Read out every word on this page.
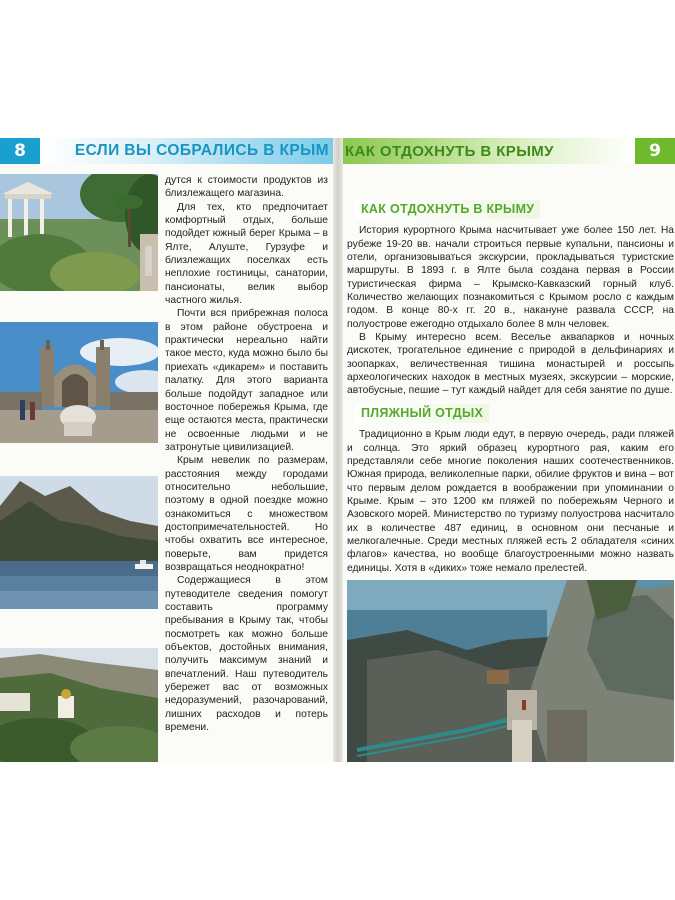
8	ЕСЛИ ВЫ СОБРАЛИСЬ В КРЫМ

дутся к стоимости продуктов из близлежащего магазина.

Для тех, кто предпочитает комфортный отдых, больше подойдет южный берег Крыма – в Ялте, Алуште, Гурзуфе и близлежащих поселках есть неплохие гостиницы, санатории, пансионаты, велик выбор частного жилья.

Почти вся прибрежная полоса в этом районе обустроена и практически нереально найти такое место, куда можно было бы приехать «дикарем» и поставить палатку. Для этого варианта больше подойдут западное или восточное побережья Крыма, где еще остаются места, практически не освоенные людьми и не затронутые цивилизацией.

Крым невелик по размерам, расстояния между городами относительно небольшие, поэтому в одной поездке можно ознакомиться с множеством достопримечательностей. Но чтобы охватить все интересное, поверьте, вам придется возвращаться неоднократно!

Содержащиеся в этом путеводителе сведения помогут составить программу пребывания в Крыму так, чтобы посмотреть как можно больше объектов, достойных внимания, получить максимум знаний и впечатлений. Наш путеводитель убережет вас от возможных недоразумений, разочарований, лишних расходов и потерь времени.

КАК ОТДОХНУТЬ В КРЫМУ	9
КАК ОТДОХНУТЬ В КРЫМУ

История курортного Крыма насчитывает уже более 150 лет. На рубеже 19-20 вв. начали строиться первые купальни, пансионы и отели, организовываться экскурсии, прокладываться туристские маршруты. В 1893 г. в Ялте была создана первая в России туристическая фирма – Крымско-Кавказский горный клуб. Количество желающих познакомиться с Крымом росло с каждым годом. В конце 80-х гг. 20 в., накануне развала СССР, на полуострове ежегодно отдыхало более 8 млн человек.

В Крыму интересно всем. Веселье аквапарков и ночных дискотек, трогательное единение с природой в дельфинариях и зоопарках, величественная тишина монастырей и россыпь археологических находок в местных музеях, экскурсии – морские, автобусные, пешие – тут каждый найдет для себя занятие по душе.

ПЛЯЖНЫЙ ОТДЫХ

Традиционно в Крым люди едут, в первую очередь, ради пляжей и солнца. Это яркий образец курортного рая, каким его представляли себе многие поколения наших соотечественников. Южная природа, великолепные парки, обилие фруктов и вина – вот что первым делом рождается в воображении при упоминании о Крыме. Крым – это 1200 км пляжей по побережьям Черного и Азовского морей. Министерство по туризму полуострова насчитало их в количестве 487 единиц, в основном они песчаные и мелкогалечные. Среди местных пляжей есть 2 обладателя «синих флагов» качества, но вообще благоустроенными можно назвать единицы. Хотя в «диких» тоже немало прелестей.
